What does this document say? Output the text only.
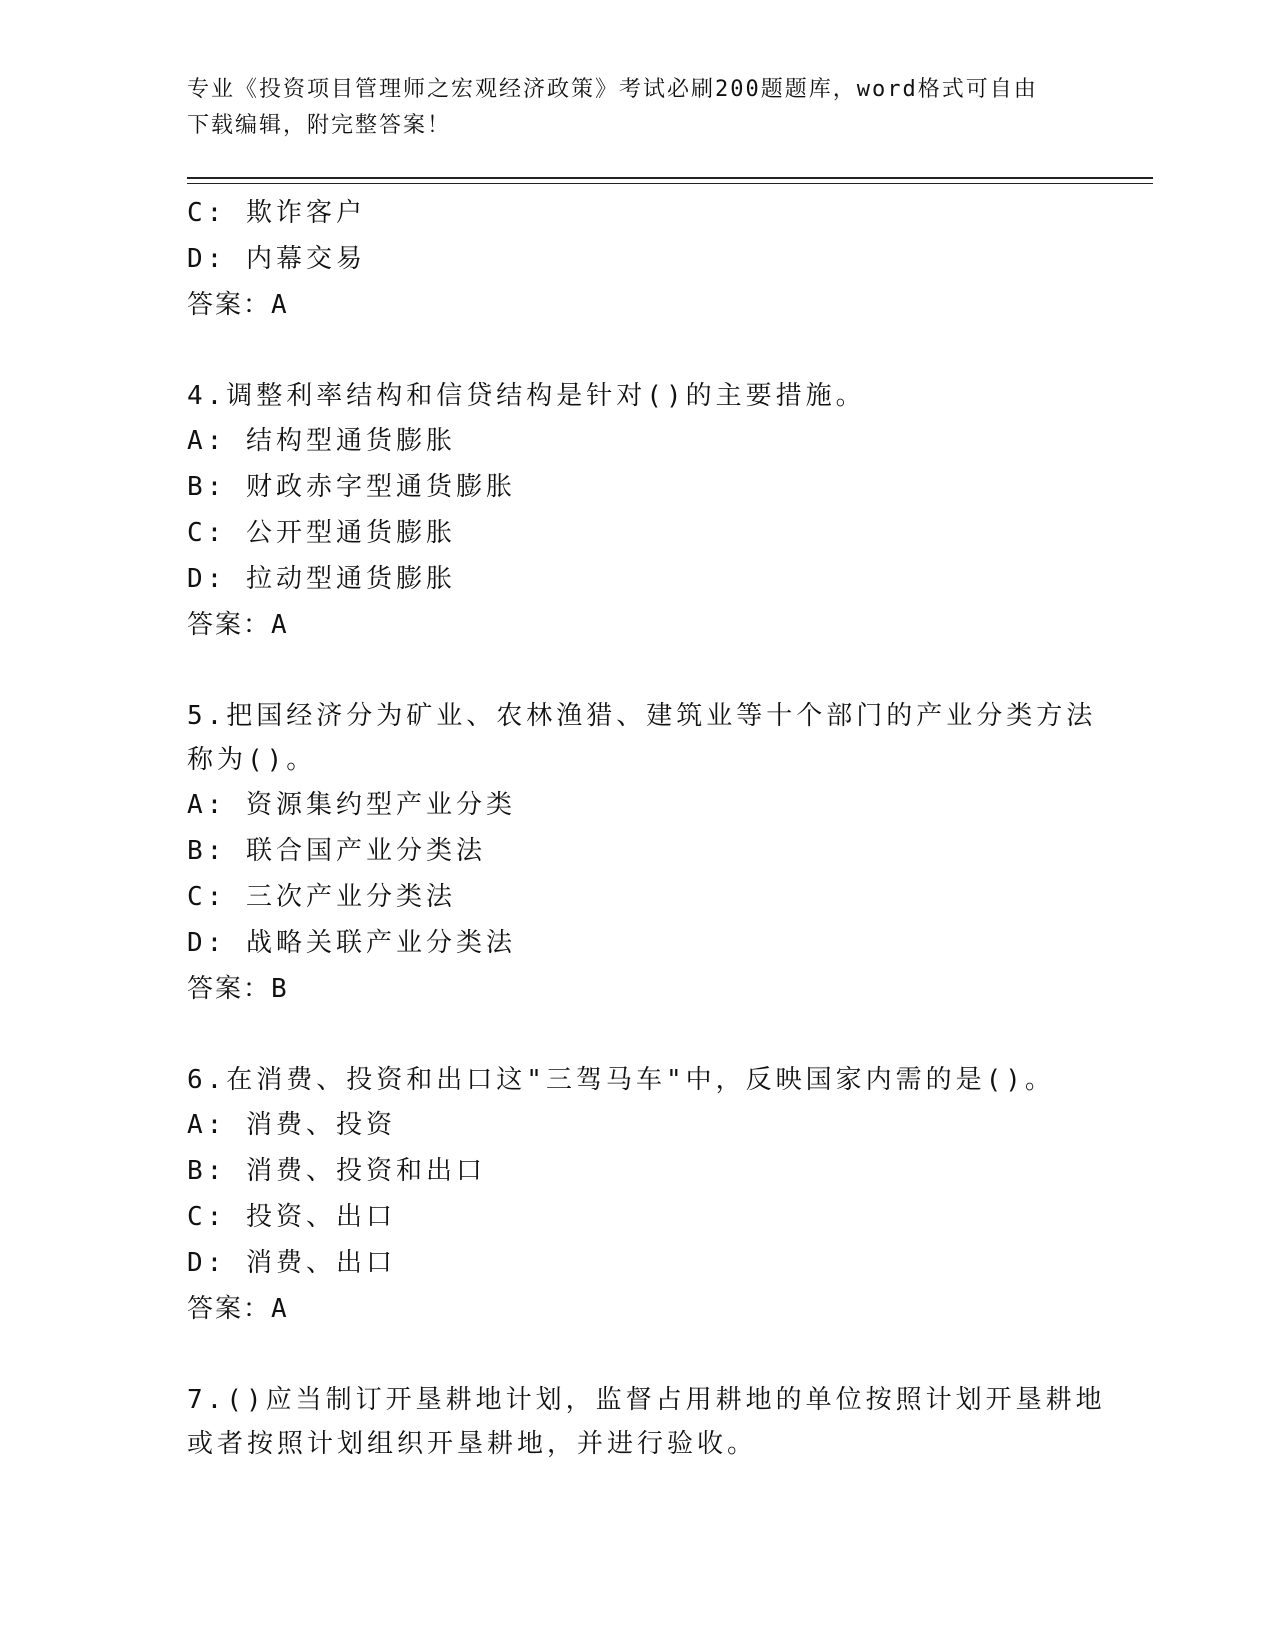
专业《投资项目管理师之宏观经济政策》考试必刷200题题库，word格式可自由
下载编辑，附完整答案！
C: 欺诈客户
D: 内幕交易
答案：A
4.调整利率结构和信贷结构是针对()的主要措施。
A: 结构型通货膨胀
B: 财政赤字型通货膨胀
C: 公开型通货膨胀
D: 拉动型通货膨胀
答案：A
5.把国经济分为矿业、农林渔猎、建筑业等十个部门的产业分类方法
称为()。
A: 资源集约型产业分类
B: 联合国产业分类法
C: 三次产业分类法
D: 战略关联产业分类法
答案：B
6.在消费、投资和出口这"三驾马车"中，反映国家内需的是()。
A: 消费、投资
B: 消费、投资和出口
C: 投资、出口
D: 消费、出口
答案：A
7.()应当制订开垦耕地计划，监督占用耕地的单位按照计划开垦耕地
或者按照计划组织开垦耕地，并进行验收。
